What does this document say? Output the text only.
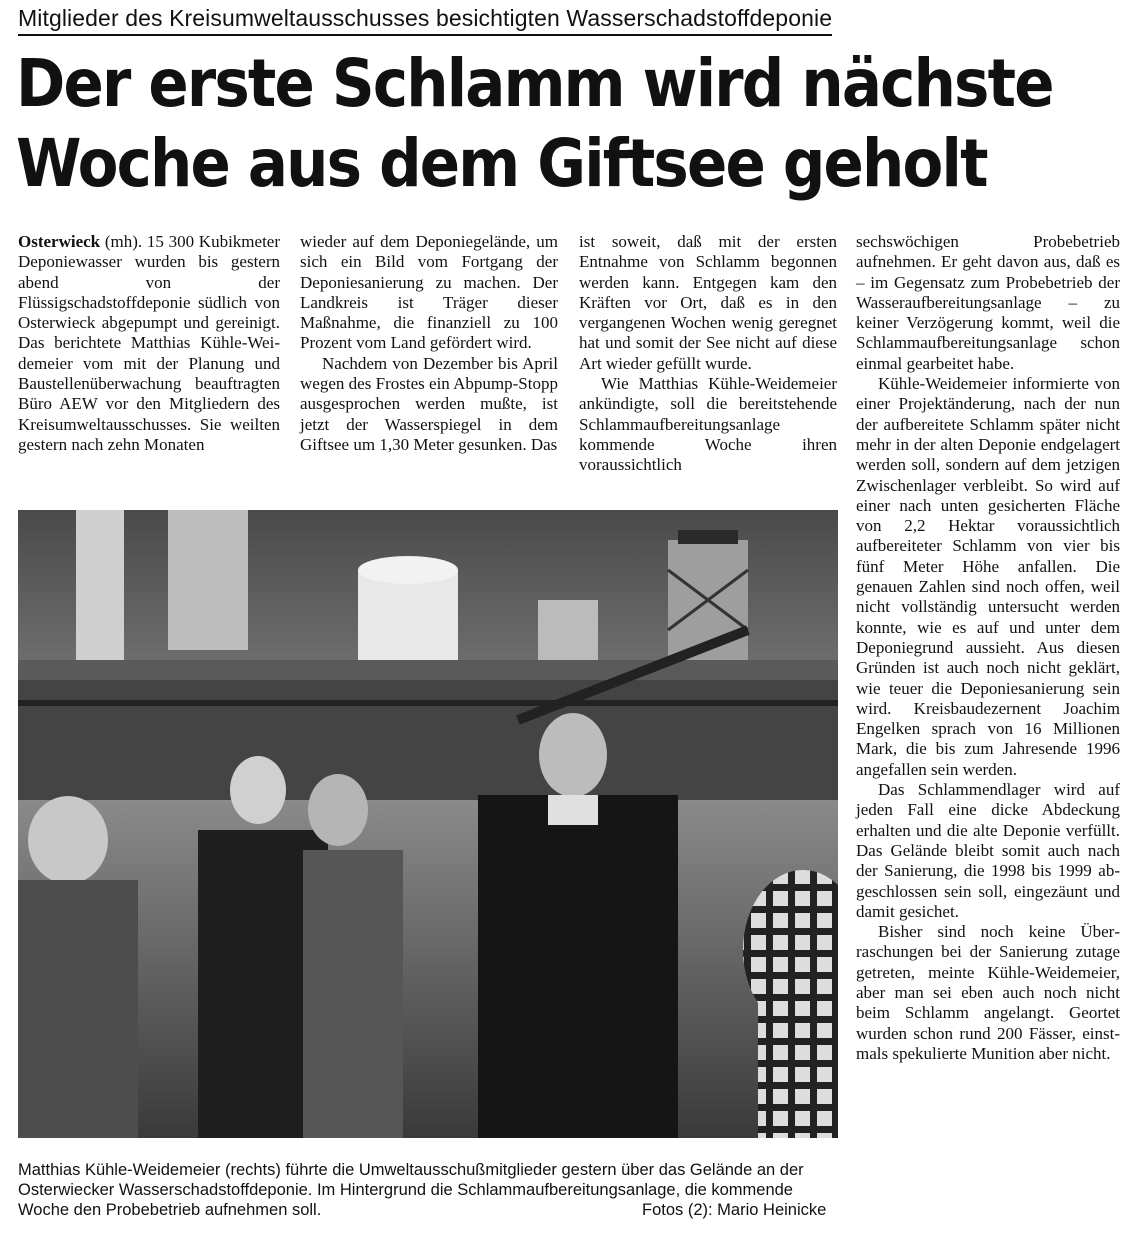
Mitglieder des Kreisumweltausschusses besichtigten Wasserschadstoffdeponie
Der erste Schlamm wird nächste
Woche aus dem Giftsee geholt

Osterwieck (mh). 15 300 Kubikmeter Deponiewasser wurden bis gestern abend von der Flüssigschadstoffdeponie südlich von Osterwieck abgepumpt und gereinigt. Das berichtete Matthias Kühle-Weidemeier vom mit der Planung und Baustellenüberwachung beauftragten Büro AEW vor den Mitgliedern des Kreisumweltausschusses. Sie weilten gestern nach zehn Monaten

wieder auf dem Deponiegelände, um sich ein Bild vom Fortgang der Deponiesanierung zu machen. Der Landkreis ist Träger dieser Maßnahme, die finanziell zu 100 Prozent vom Land gefördert wird.

Nachdem von Dezember bis April wegen des Frostes ein Abpump-Stopp ausgesprochen werden mußte, ist jetzt der Wasserspiegel in dem Giftsee um 1,30 Meter gesunken. Das

ist soweit, daß mit der ersten Entnahme von Schlamm begonnen werden kann. Entgegen kam den Kräften vor Ort, daß es in den vergangenen Wochen wenig geregnet hat und somit der See nicht auf diese Art wieder gefüllt wurde.

Wie Matthias Kühle-Weidemeier ankündigte, soll die bereitstehende Schlammaufbereitungsanlage kommende Woche ihren voraussichtlich

sechswöchigen Probebetrieb aufnehmen. Er geht davon aus, daß es – im Gegensatz zum Probebetrieb der Wasseraufbereitungsanlage – zu keiner Verzögerung kommt, weil die Schlammaufbereitungsanlage schon einmal gearbeitet habe.

Kühle-Weidemeier informierte von einer Projektänderung, nach der nun der aufbereitete Schlamm später nicht mehr in der alten Deponie endgelagert werden soll, sondern auf dem jetzigen Zwischenlager verbleibt. So wird auf einer nach unten gesicherten Fläche von 2,2 Hektar voraussichtlich aufbereiteter Schlamm von vier bis fünf Meter Höhe anfallen. Die genauen Zahlen sind noch offen, weil nicht vollständig untersucht werden konnte, wie es auf und unter dem Deponiegrund aussieht. Aus diesen Gründen ist auch noch nicht geklärt, wie teuer die Deponiesanierung sein wird. Kreisbaudezernent Joachim Engelken sprach von 16 Millionen Mark, die bis zum Jahresende 1996 angefallen sein werden.

Das Schlammendlager wird auf jeden Fall eine dicke Abdeckung erhalten und die alte Deponie verfüllt. Das Gelände bleibt somit auch nach der Sanierung, die 1998 bis 1999 abgeschlossen sein soll, eingezäunt und damit gesichet.

Bisher sind noch keine Überraschungen bei der Sanierung zutage getreten, meinte Kühle-Weidemeier, aber man sei eben auch noch nicht beim Schlamm angelangt. Geortet wurden schon rund 200 Fässer, einstmals spekulierte Munition aber nicht.

Matthias Kühle-Weidemeier (rechts) führte die Umweltausschußmitglieder gestern über das Gelände an der Osterwiecker Wasserschadstoffdeponie. Im Hintergrund die Schlammaufbereitungsanlage, die kommende Woche den Probebetrieb aufnehmen soll.	Fotos (2): Mario Heinicke
